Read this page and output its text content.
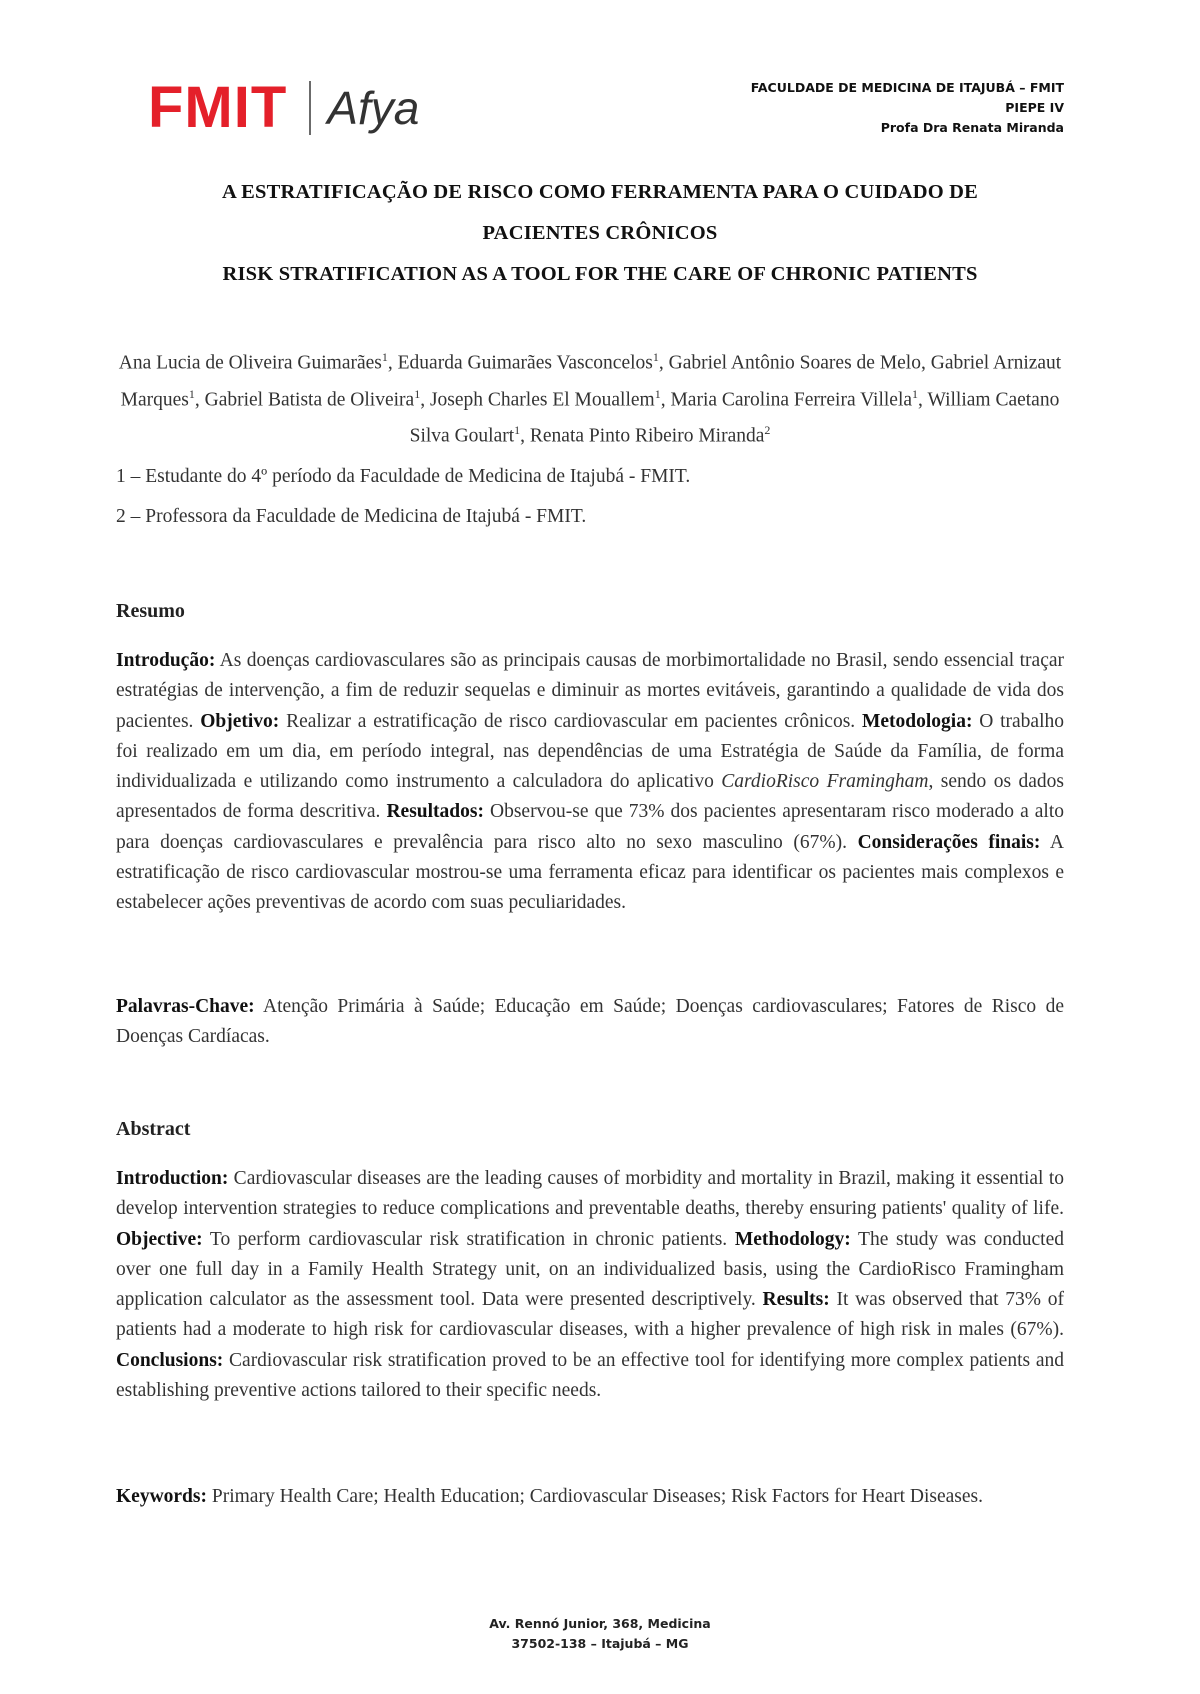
FMIT Afya	FACULDADE DE MEDICINA DE ITAJUBÁ – FMIT
PIEPE IV
Profa Dra Renata Miranda
A ESTRATIFICAÇÃO DE RISCO COMO FERRAMENTA PARA O CUIDADO DE
PACIENTES CRÔNICOS
RISK STRATIFICATION AS A TOOL FOR THE CARE OF CHRONIC PATIENTS
Ana Lucia de Oliveira Guimarães$^1$, Eduarda Guimarães Vasconcelos$^1$, Gabriel Antônio Soares de Melo, Gabriel Arnizaut Marques$^1$, Gabriel Batista de Oliveira$^1$, Joseph Charles El Mouallem$^1$, Maria Carolina Ferreira Villela$^1$, William Caetano Silva Goulart$^1$, Renata Pinto Ribeiro Miranda$^2$
1 – Estudante do 4º período da Faculdade de Medicina de Itajubá - FMIT.
2 – Professora da Faculdade de Medicina de Itajubá - FMIT.
Resumo
Introdução: As doenças cardiovasculares são as principais causas de morbimortalidade no Brasil, sendo essencial traçar estratégias de intervenção, a fim de reduzir sequelas e diminuir as mortes evitáveis, garantindo a qualidade de vida dos pacientes. Objetivo: Realizar a estratificação de risco cardiovascular em pacientes crônicos. Metodologia: O trabalho foi realizado em um dia, em período integral, nas dependências de uma Estratégia de Saúde da Família, de forma individualizada e utilizando como instrumento a calculadora do aplicativo CardioRisco Framingham, sendo os dados apresentados de forma descritiva. Resultados: Observou-se que 73% dos pacientes apresentaram risco moderado a alto para doenças cardiovasculares e prevalência para risco alto no sexo masculino (67%). Considerações finais: A estratificação de risco cardiovascular mostrou-se uma ferramenta eficaz para identificar os pacientes mais complexos e estabelecer ações preventivas de acordo com suas peculiaridades.
Palavras-Chave: Atenção Primária à Saúde; Educação em Saúde; Doenças cardiovasculares; Fatores de Risco de Doenças Cardíacas.
Abstract
Introduction: Cardiovascular diseases are the leading causes of morbidity and mortality in Brazil, making it essential to develop intervention strategies to reduce complications and preventable deaths, thereby ensuring patients' quality of life. Objective: To perform cardiovascular risk stratification in chronic patients. Methodology: The study was conducted over one full day in a Family Health Strategy unit, on an individualized basis, using the CardioRisco Framingham application calculator as the assessment tool. Data were presented descriptively. Results: It was observed that 73% of patients had a moderate to high risk for cardiovascular diseases, with a higher prevalence of high risk in males (67%). Conclusions: Cardiovascular risk stratification proved to be an effective tool for identifying more complex patients and establishing preventive actions tailored to their specific needs.
Keywords: Primary Health Care; Health Education; Cardiovascular Diseases; Risk Factors for Heart Diseases.
Av. Rennó Junior, 368, Medicina
37502-138 – Itajubá – MG
